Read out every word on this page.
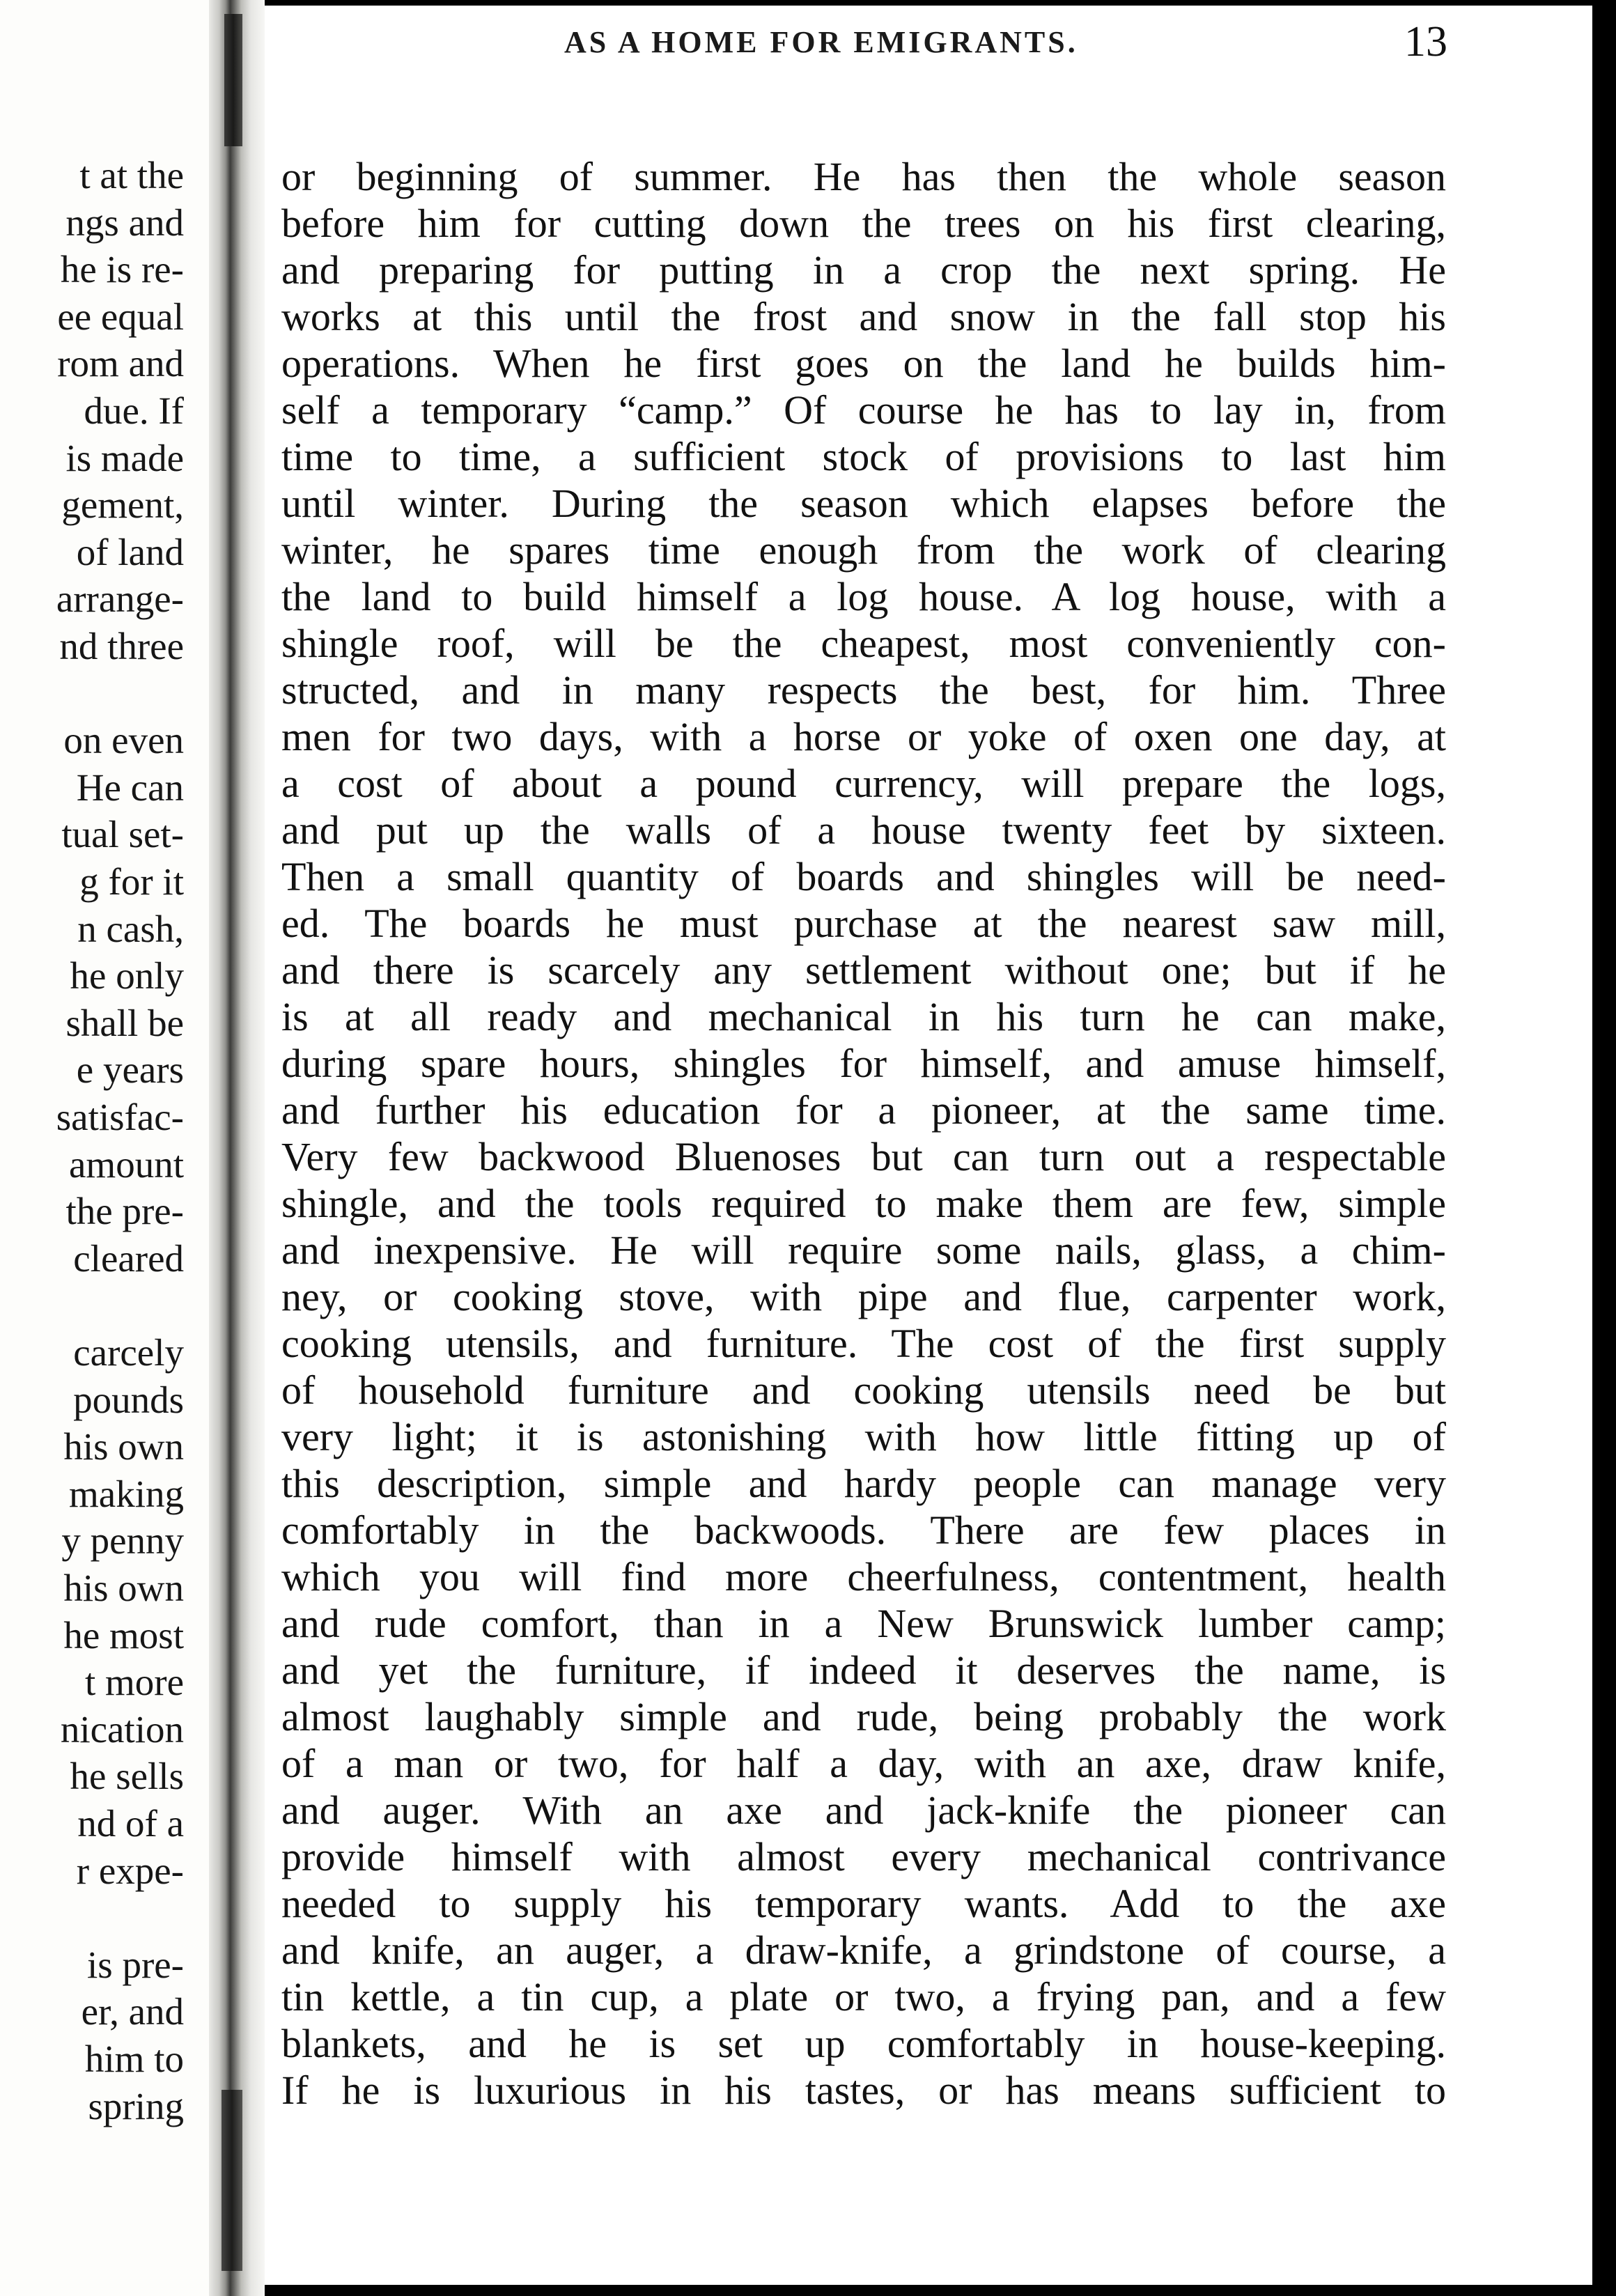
t at the
ngs and
he is re-
ee equal
rom and
due. If
is made
gement,
of land
arrange-
nd three
on even
He can
tual set-
g for it
n cash,
he only
shall be
e years
satisfac-
amount
the pre-
cleared
carcely
pounds
his own
making
y penny
his own
he most
t more
nication
he sells
nd of a
r expe-
is pre-
er, and
him to
spring
AS A HOME FOR EMIGRANTS.	13
or beginning of summer. He has then the whole season
before him for cutting down the trees on his first clearing,
and preparing for putting in a crop the next spring. He
works at this until the frost and snow in the fall stop his
operations. When he first goes on the land he builds him-
self a temporary “camp.” Of course he has to lay in, from
time to time, a sufficient stock of provisions to last him
until winter. During the season which elapses before the
winter, he spares time enough from the work of clearing
the land to build himself a log house. A log house, with a
shingle roof, will be the cheapest, most conveniently con-
structed, and in many respects the best, for him. Three
men for two days, with a horse or yoke of oxen one day, at
a cost of about a pound currency, will prepare the logs,
and put up the walls of a house twenty feet by sixteen.
Then a small quantity of boards and shingles will be need-
ed. The boards he must purchase at the nearest saw mill,
and there is scarcely any settlement without one; but if he
is at all ready and mechanical in his turn he can make,
during spare hours, shingles for himself, and amuse himself,
and further his education for a pioneer, at the same time.
Very few backwood Bluenoses but can turn out a respectable
shingle, and the tools required to make them are few, simple
and inexpensive. He will require some nails, glass, a chim-
ney, or cooking stove, with pipe and flue, carpenter work,
cooking utensils, and furniture. The cost of the first supply
of household furniture and cooking utensils need be but
very light; it is astonishing with how little fitting up of
this description, simple and hardy people can manage very
comfortably in the backwoods. There are few places in
which you will find more cheerfulness, contentment, health
and rude comfort, than in a New Brunswick lumber camp;
and yet the furniture, if indeed it deserves the name, is
almost laughably simple and rude, being probably the work
of a man or two, for half a day, with an axe, draw knife,
and auger. With an axe and jack-knife the pioneer can
provide himself with almost every mechanical contrivance
needed to supply his temporary wants. Add to the axe
and knife, an auger, a draw-knife, a grindstone of course, a
tin kettle, a tin cup, a plate or two, a frying pan, and a few
blankets, and he is set up comfortably in house-keeping.
If he is luxurious in his tastes, or has means sufficient to
